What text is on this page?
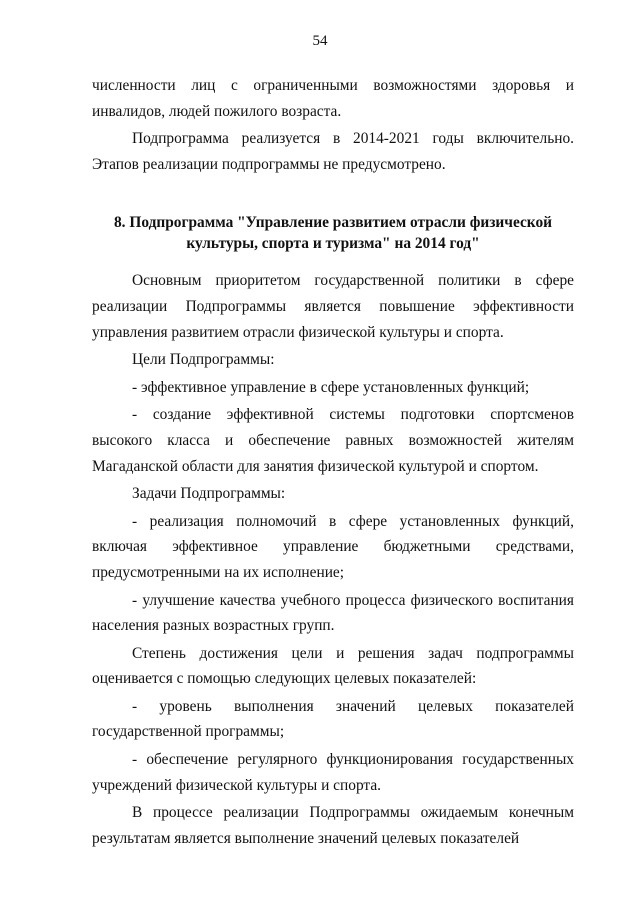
54

численности лиц с ограниченными возможностями здоровья и инвалидов, людей пожилого возраста.

Подпрограмма реализуется в 2014-2021 годы включительно. Этапов реализации подпрограммы не предусмотрено.

8. Подпрограмма "Управление развитием отрасли физической
культуры, спорта и туризма" на 2014 год"

Основным приоритетом государственной политики в сфере реализации Подпрограммы является повышение эффективности управления развитием отрасли физической культуры и спорта.

Цели Подпрограммы:

- эффективное управление в сфере установленных функций;

- создание эффективной системы подготовки спортсменов высокого класса и обеспечение равных возможностей жителям Магаданской области для занятия физической культурой и спортом.

Задачи Подпрограммы:

- реализация полномочий в сфере установленных функций, включая эффективное управление бюджетными средствами, предусмотренными на их исполнение;

- улучшение качества учебного процесса физического воспитания населения разных возрастных групп.

Степень достижения цели и решения задач подпрограммы оценивается с помощью следующих целевых показателей:

- уровень выполнения значений целевых показателей государственной программы;

- обеспечение регулярного функционирования государственных учреждений физической культуры и спорта.

В процессе реализации Подпрограммы ожидаемым конечным результатам является выполнение значений целевых показателей
